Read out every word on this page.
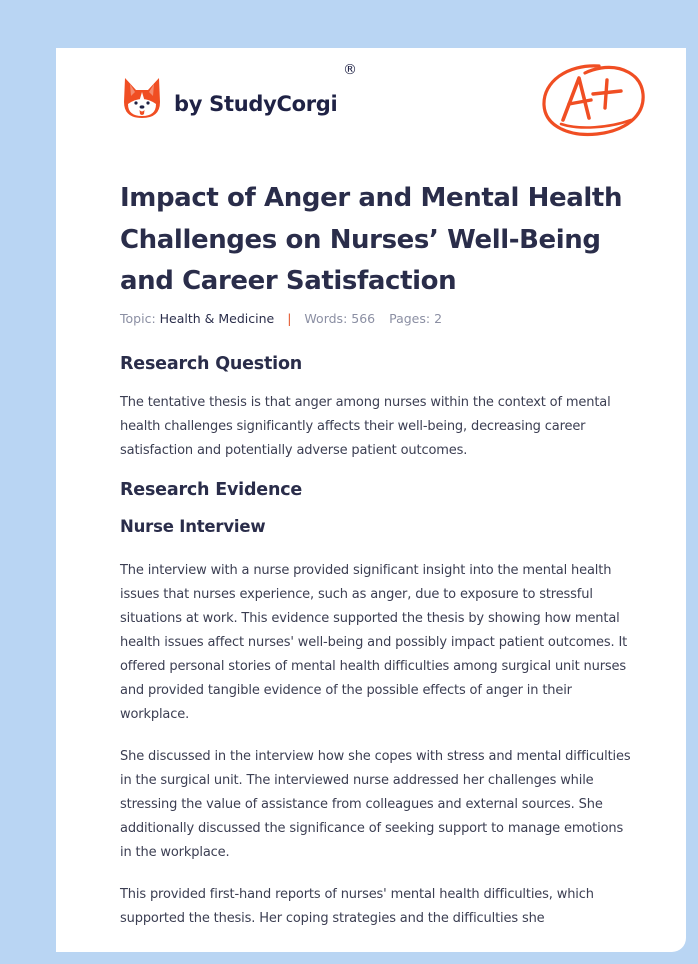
by StudyCorgi
®
Impact of Anger and Mental Health Challenges on Nurses’ Well-Being and Career Satisfaction
Topic: Health & Medicine | Words: 566 Pages: 2
Research Question

The tentative thesis is that anger among nurses within the context of mental health challenges significantly affects their well-being, decreasing career satisfaction and potentially adverse patient outcomes.

Research Evidence
Nurse Interview

The interview with a nurse provided significant insight into the mental health issues that nurses experience, such as anger, due to exposure to stressful situations at work. This evidence supported the thesis by showing how mental health issues affect nurses' well-being and possibly impact patient outcomes. It offered personal stories of mental health difficulties among surgical unit nurses and provided tangible evidence of the possible effects of anger in their workplace.

She discussed in the interview how she copes with stress and mental difficulties in the surgical unit. The interviewed nurse addressed her challenges while stressing the value of assistance from colleagues and external sources. She additionally discussed the significance of seeking support to manage emotions in the workplace.

This provided first-hand reports of nurses' mental health difficulties, which supported the thesis. Her coping strategies and the difficulties she
